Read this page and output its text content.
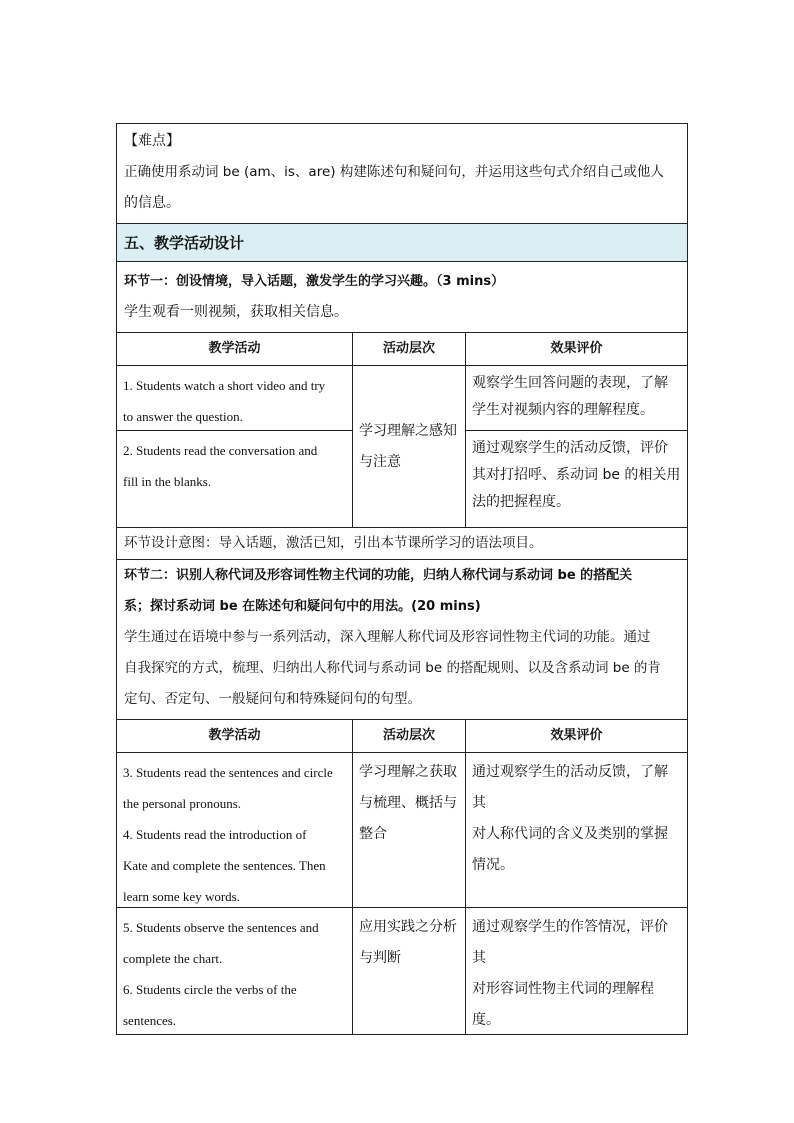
【难点】
正确使用系动词 be (am、is、are) 构建陈述句和疑问句，并运用这些句式介绍自己或他人
的信息。
五、教学活动设计
环节一：创设情境，导入话题，激发学生的学习兴趣。（3 mins）
学生观看一则视频，获取相关信息。
教学活动
1. Students watch a short video and try
to answer the question.
2. Students read the conversation and
fill in the blanks.
活动层次
学习理解之感知
与注意
效果评价
观察学生回答问题的表现，了解
学生对视频内容的理解程度。
通过观察学生的活动反馈，评价
其对打招呼、系动词 be 的相关用
法的把握程度。
环节设计意图：导入话题，激活已知，引出本节课所学习的语法项目。
环节二：识别人称代词及形容词性物主代词的功能，归纳人称代词与系动词 be 的搭配关
系；探讨系动词 be 在陈述句和疑问句中的用法。(20 mins)
学生通过在语境中参与一系列活动，深入理解人称代词及形容词性物主代词的功能。通过
自我探究的方式，梳理、归纳出人称代词与系动词 be 的搭配规则、以及含系动词 be 的肯
定句、否定句、一般疑问句和特殊疑问句的句型。
教学活动
3. Students read the sentences and circle
the personal pronouns.
4. Students read the introduction of
Kate and complete the sentences. Then
learn some key words.
5. Students observe the sentences and
complete the chart.
6. Students circle the verbs of the
sentences.
活动层次
学习理解之获取
与梳理、概括与
整合
应用实践之分析
与判断
效果评价
通过观察学生的活动反馈，了解其
对人称代词的含义及类别的掌握
情况。
通过观察学生的作答情况，评价其
对形容词性物主代词的理解程度。
